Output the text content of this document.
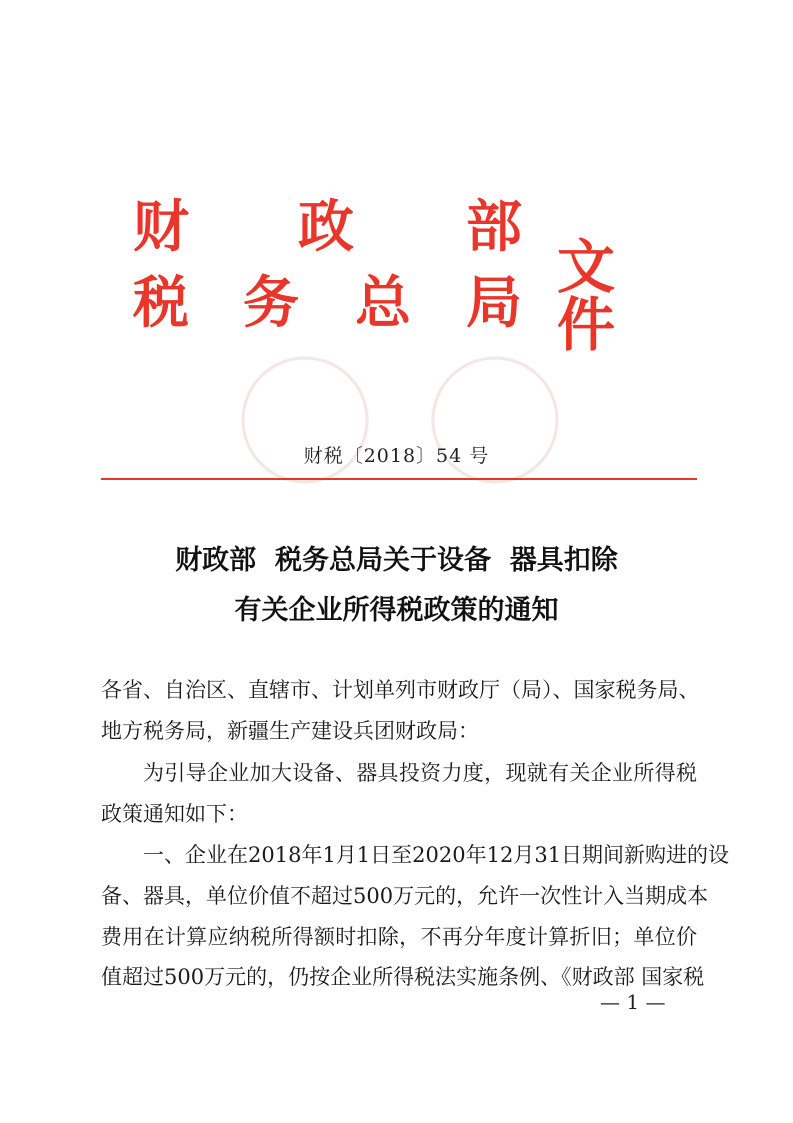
财 政 部
税 务 总 局
文件
财税〔2018〕54 号
财政部  税务总局关于设备  器具扣除
有关企业所得税政策的通知
各省、自治区、直辖市、计划单列市财政厅（局）、国家税务局、
地方税务局，新疆生产建设兵团财政局：
为引导企业加大设备、器具投资力度，现就有关企业所得税
政策通知如下：
一、企业在2018年1月1日至2020年12月31日期间新购进的设
备、器具，单位价值不超过500万元的，允许一次性计入当期成本
费用在计算应纳税所得额时扣除，不再分年度计算折旧；单位价
值超过500万元的，仍按企业所得税法实施条例、《财政部 国家税
— 1 —
